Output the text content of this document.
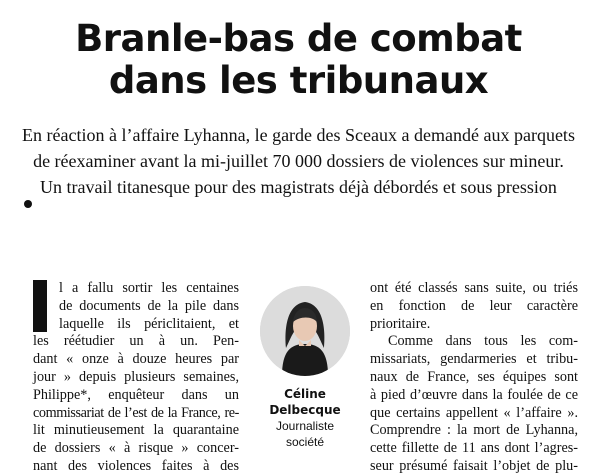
Branle-bas de combat
dans les tribunaux
En réaction à l’affaire Lyhanna, le garde des Sceaux a demandé aux parquets
de réexaminer avant la mi-juillet 70 000 dossiers de violences sur mineur.
Un travail titanesque pour des magistrats déjà débordés et sous pression
l a fallu sortir les centaines
de documents de la pile dans
laquelle ils périclitaient, et
les réétudier un à un. Pen-
dant « onze à douze heures par
jour » depuis plusieurs semaines,
Philippe*, enquêteur dans un
commissariat de l’est de la France, re-
lit minutieusement la quarantaine
de dossiers « à risque » concer-
nant des violences faites à des
Céline
Delbecque
Journaliste
société
ont été classés sans suite, ou triés
en fonction de leur caractère
prioritaire.
Comme dans tous les com-
missariats, gendarmeries et tribu-
naux de France, ses équipes sont
à pied d’œuvre dans la foulée de ce
que certains appellent « l’affaire ».
Comprendre : la mort de Lyhanna,
cette fillette de 11 ans dont l’agres-
seur présumé faisait l’objet de plu-
